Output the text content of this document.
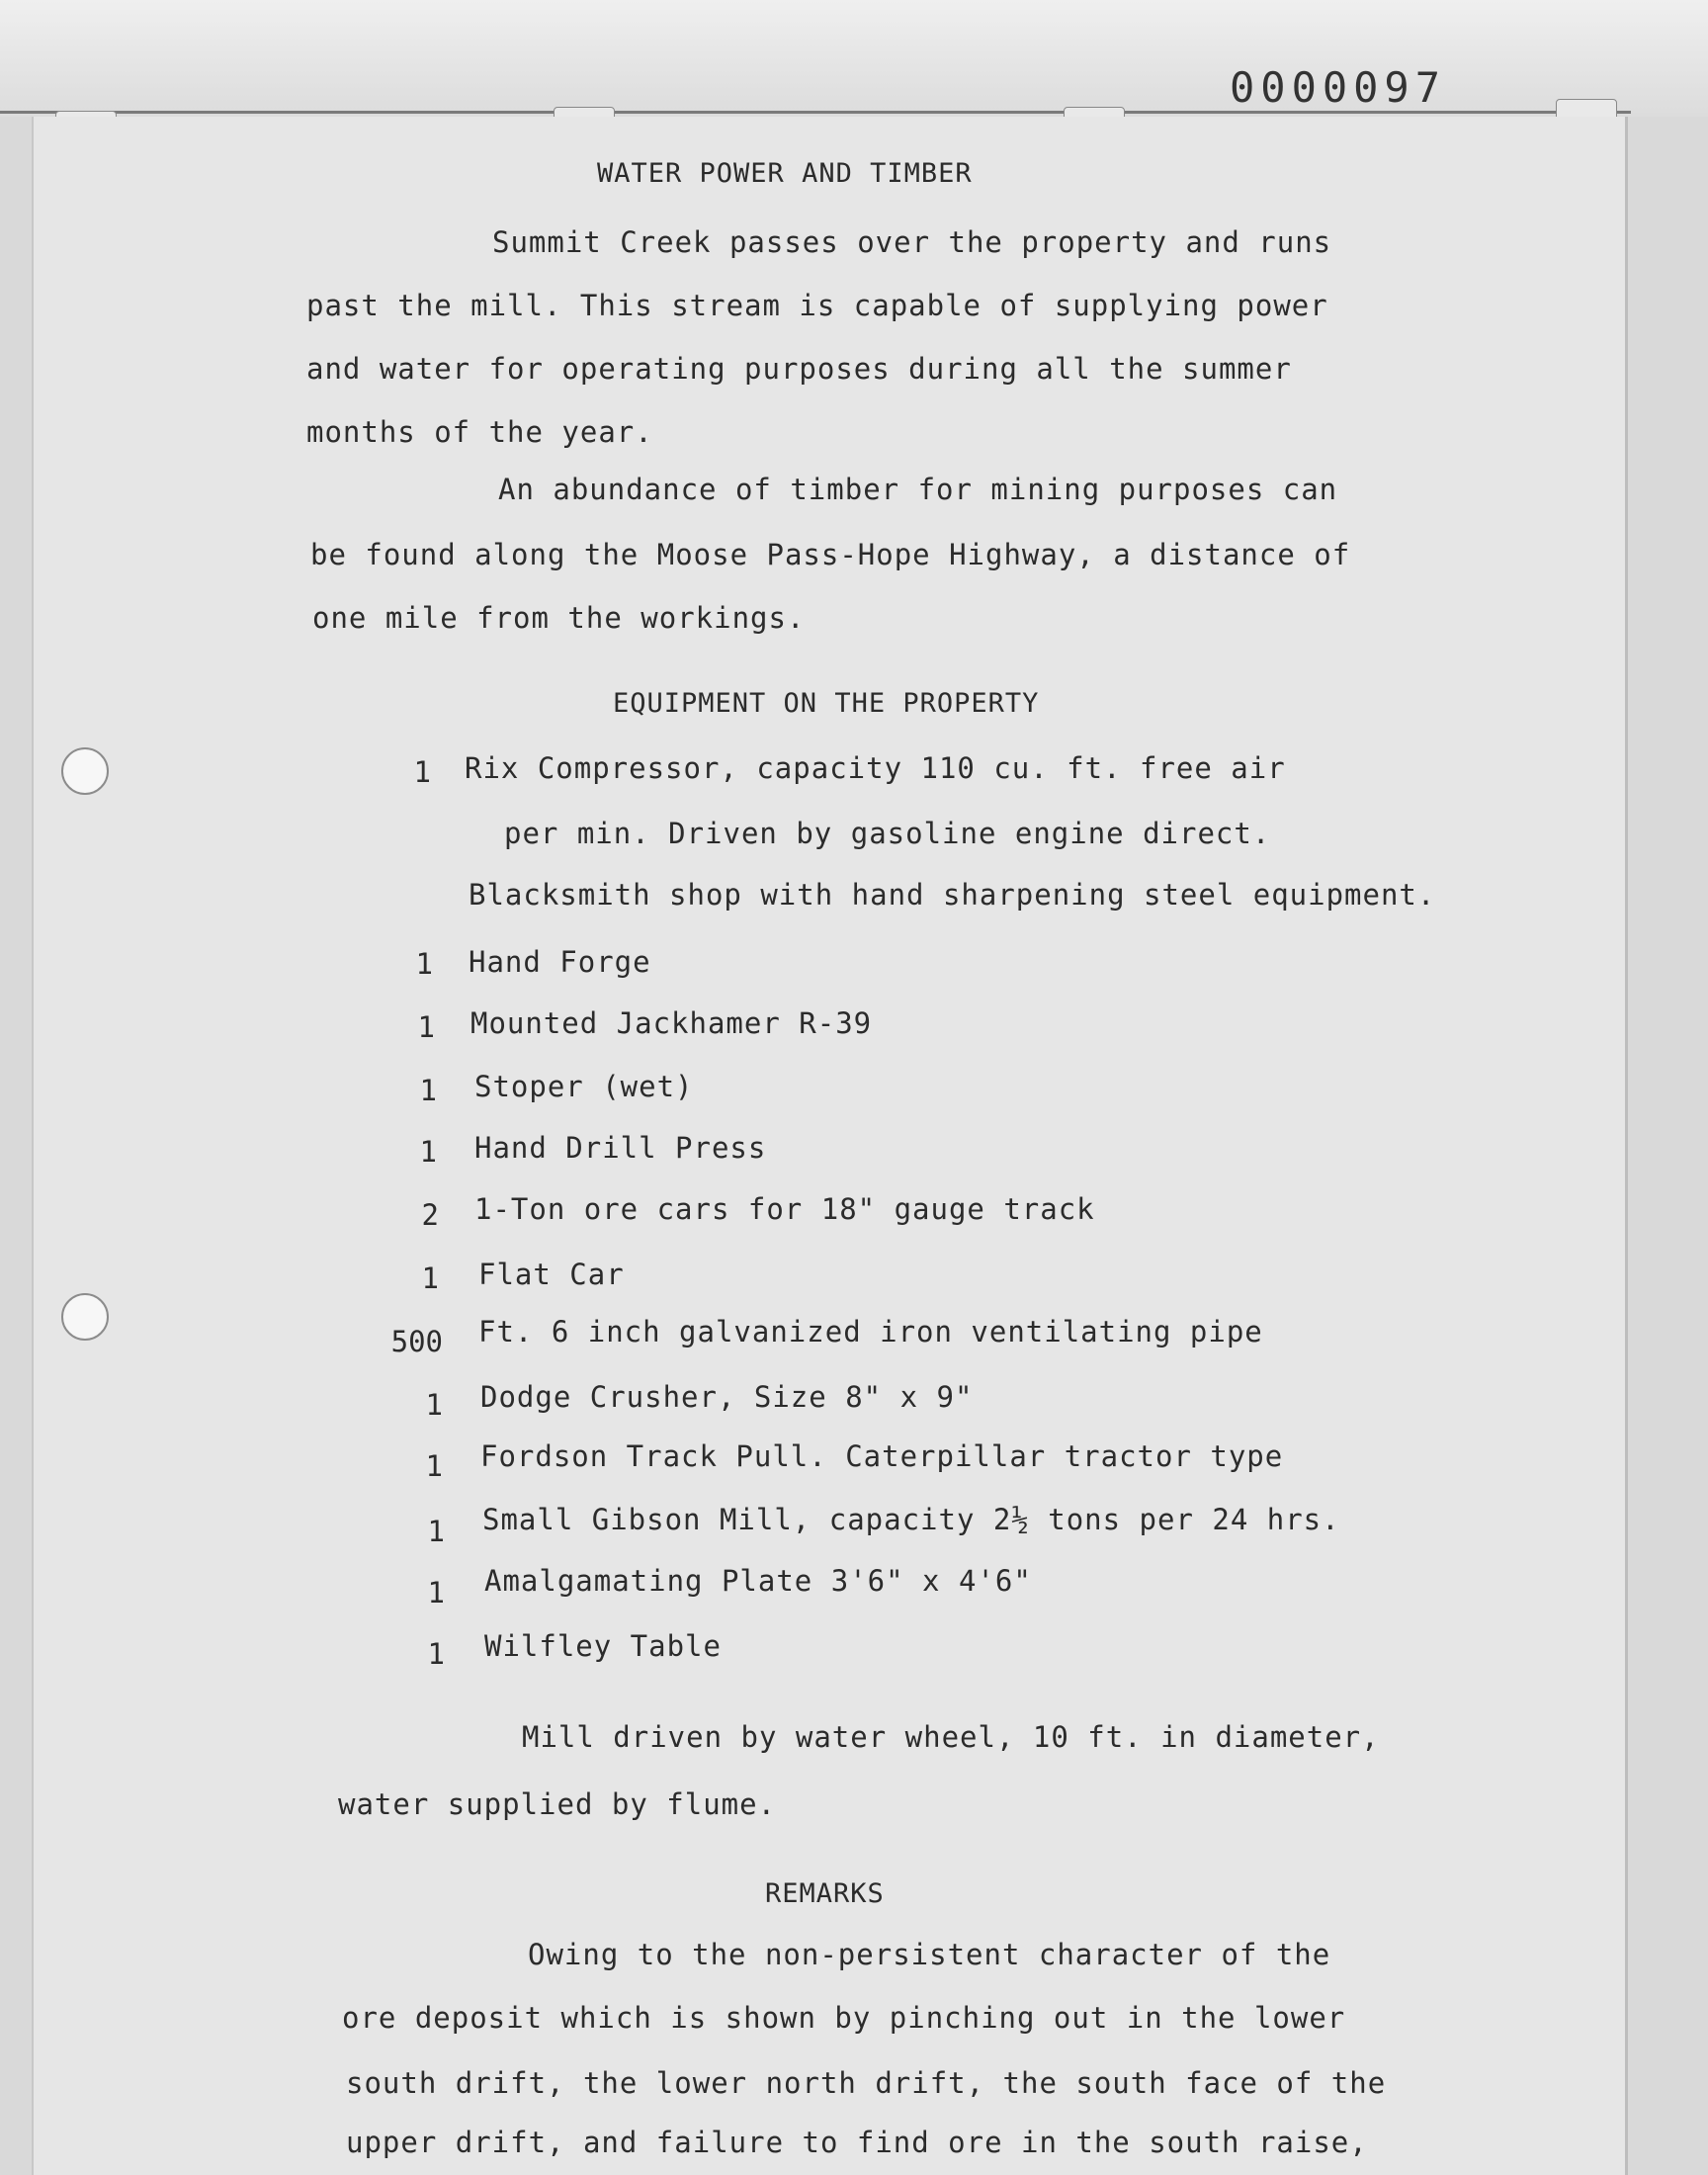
0000097
WATER POWER AND TIMBER
Summit Creek passes over the property and runs
past the mill. This stream is capable of supplying power
and water for operating purposes during all the summer
months of the year.
An abundance of timber for mining purposes can
be found along the Moose Pass-Hope Highway, a distance of
one mile from the workings.
EQUIPMENT ON THE PROPERTY
1 Rix Compressor, capacity 110 cu. ft. free air
per min. Driven by gasoline engine direct.
Blacksmith shop with hand sharpening steel equipment.
1 Hand Forge
1 Mounted Jackhamer R-39
1 Stoper (wet)
1 Hand Drill Press
2 1-Ton ore cars for 18" gauge track
1 Flat Car
500 Ft. 6 inch galvanized iron ventilating pipe
1 Dodge Crusher, Size 8" x 9"
1 Fordson Track Pull. Caterpillar tractor type
1 Small Gibson Mill, capacity 2½ tons per 24 hrs.
1 Amalgamating Plate 3'6" x 4'6"
1 Wilfley Table
Mill driven by water wheel, 10 ft. in diameter,
water supplied by flume.
REMARKS
Owing to the non-persistent character of the
ore deposit which is shown by pinching out in the lower
south drift, the lower north drift, the south face of the
upper drift, and failure to find ore in the south raise,
